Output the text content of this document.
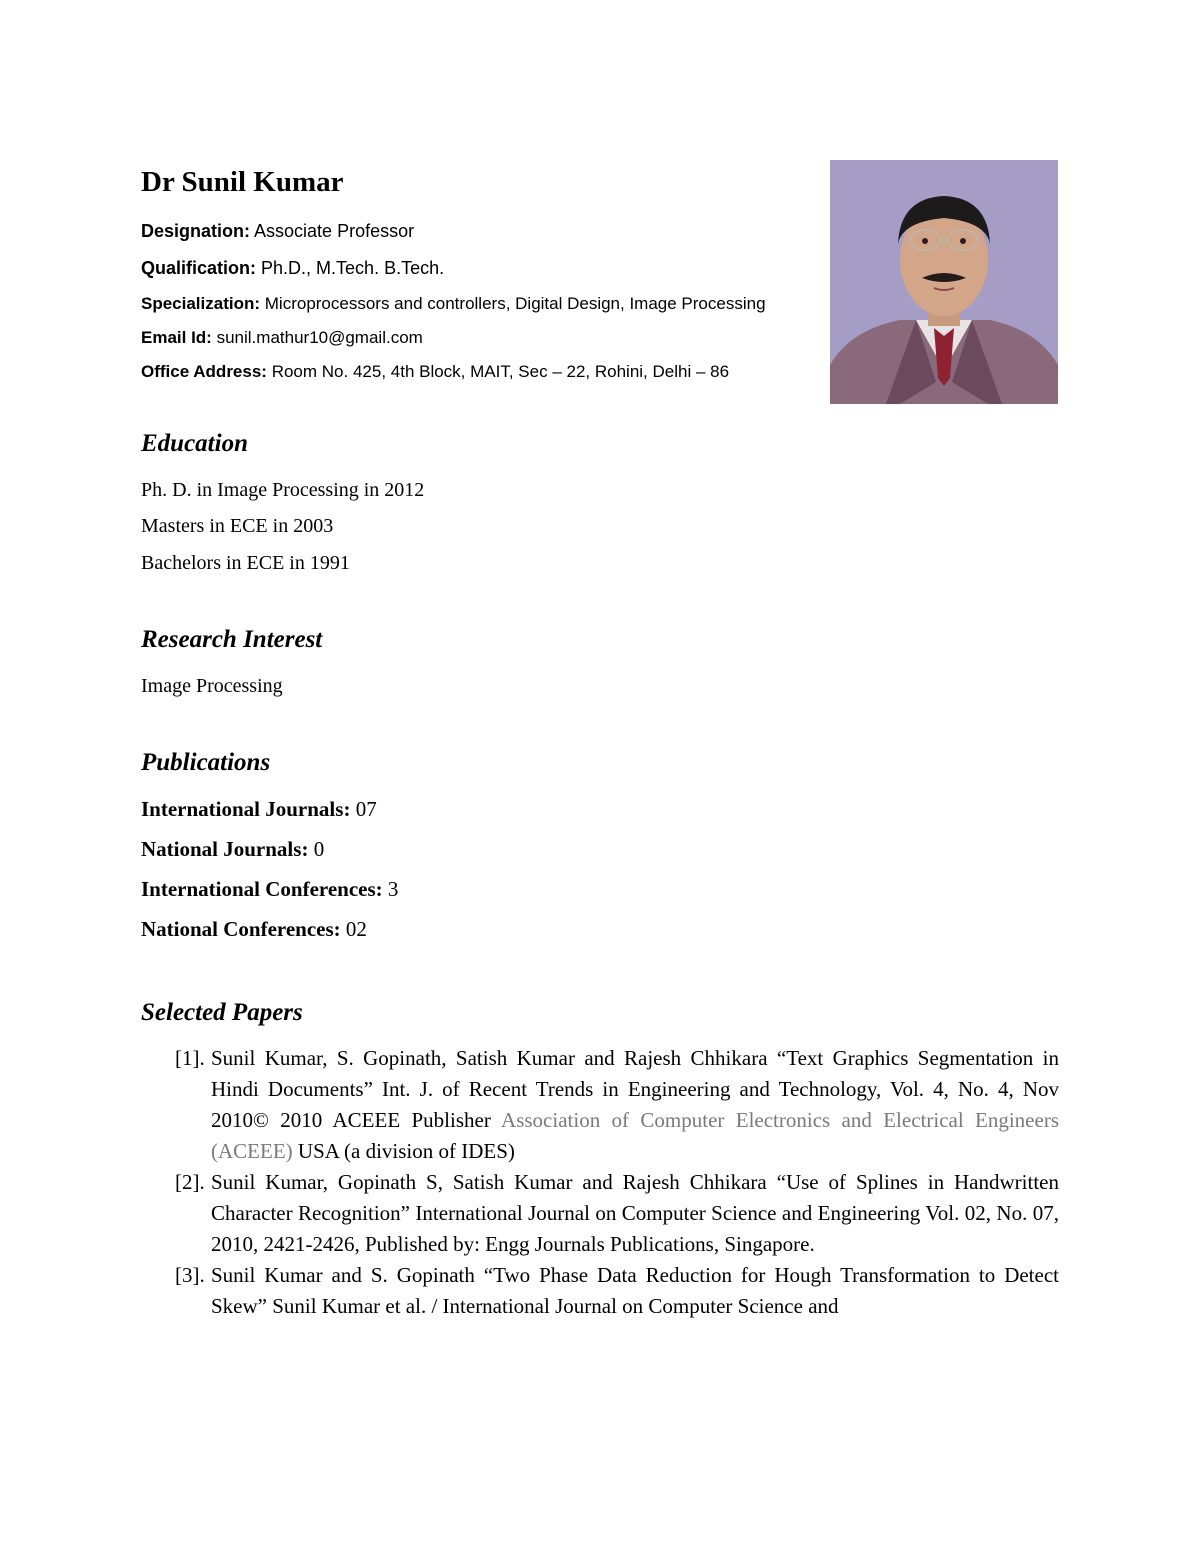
Dr Sunil Kumar
Designation: Associate Professor
Qualification: Ph.D., M.Tech. B.Tech.
Specialization: Microprocessors and controllers, Digital Design, Image Processing
Email Id: sunil.mathur10@gmail.com
Office Address: Room No. 425, 4th Block, MAIT, Sec – 22, Rohini, Delhi – 86
Education
Ph. D. in Image Processing in 2012
Masters in ECE in 2003
Bachelors in ECE in 1991
Research Interest
Image Processing
Publications
International Journals: 07
National Journals: 0
International Conferences: 3
National Conferences: 02
Selected Papers
[1]. Sunil Kumar, S. Gopinath, Satish Kumar and Rajesh Chhikara “Text Graphics Segmentation in Hindi Documents” Int. J. of Recent Trends in Engineering and Technology, Vol. 4, No. 4, Nov 2010© 2010 ACEEE Publisher Association of Computer Electronics and Electrical Engineers (ACEEE) USA (a division of IDES)
[2]. Sunil Kumar, Gopinath S, Satish Kumar and Rajesh Chhikara “Use of Splines in Handwritten Character Recognition” International Journal on Computer Science and Engineering Vol. 02, No. 07, 2010, 2421-2426, Published by: Engg Journals Publications, Singapore.
[3]. Sunil Kumar and S. Gopinath “Two Phase Data Reduction for Hough Transformation to Detect Skew” Sunil Kumar et al. / International Journal on Computer Science and
